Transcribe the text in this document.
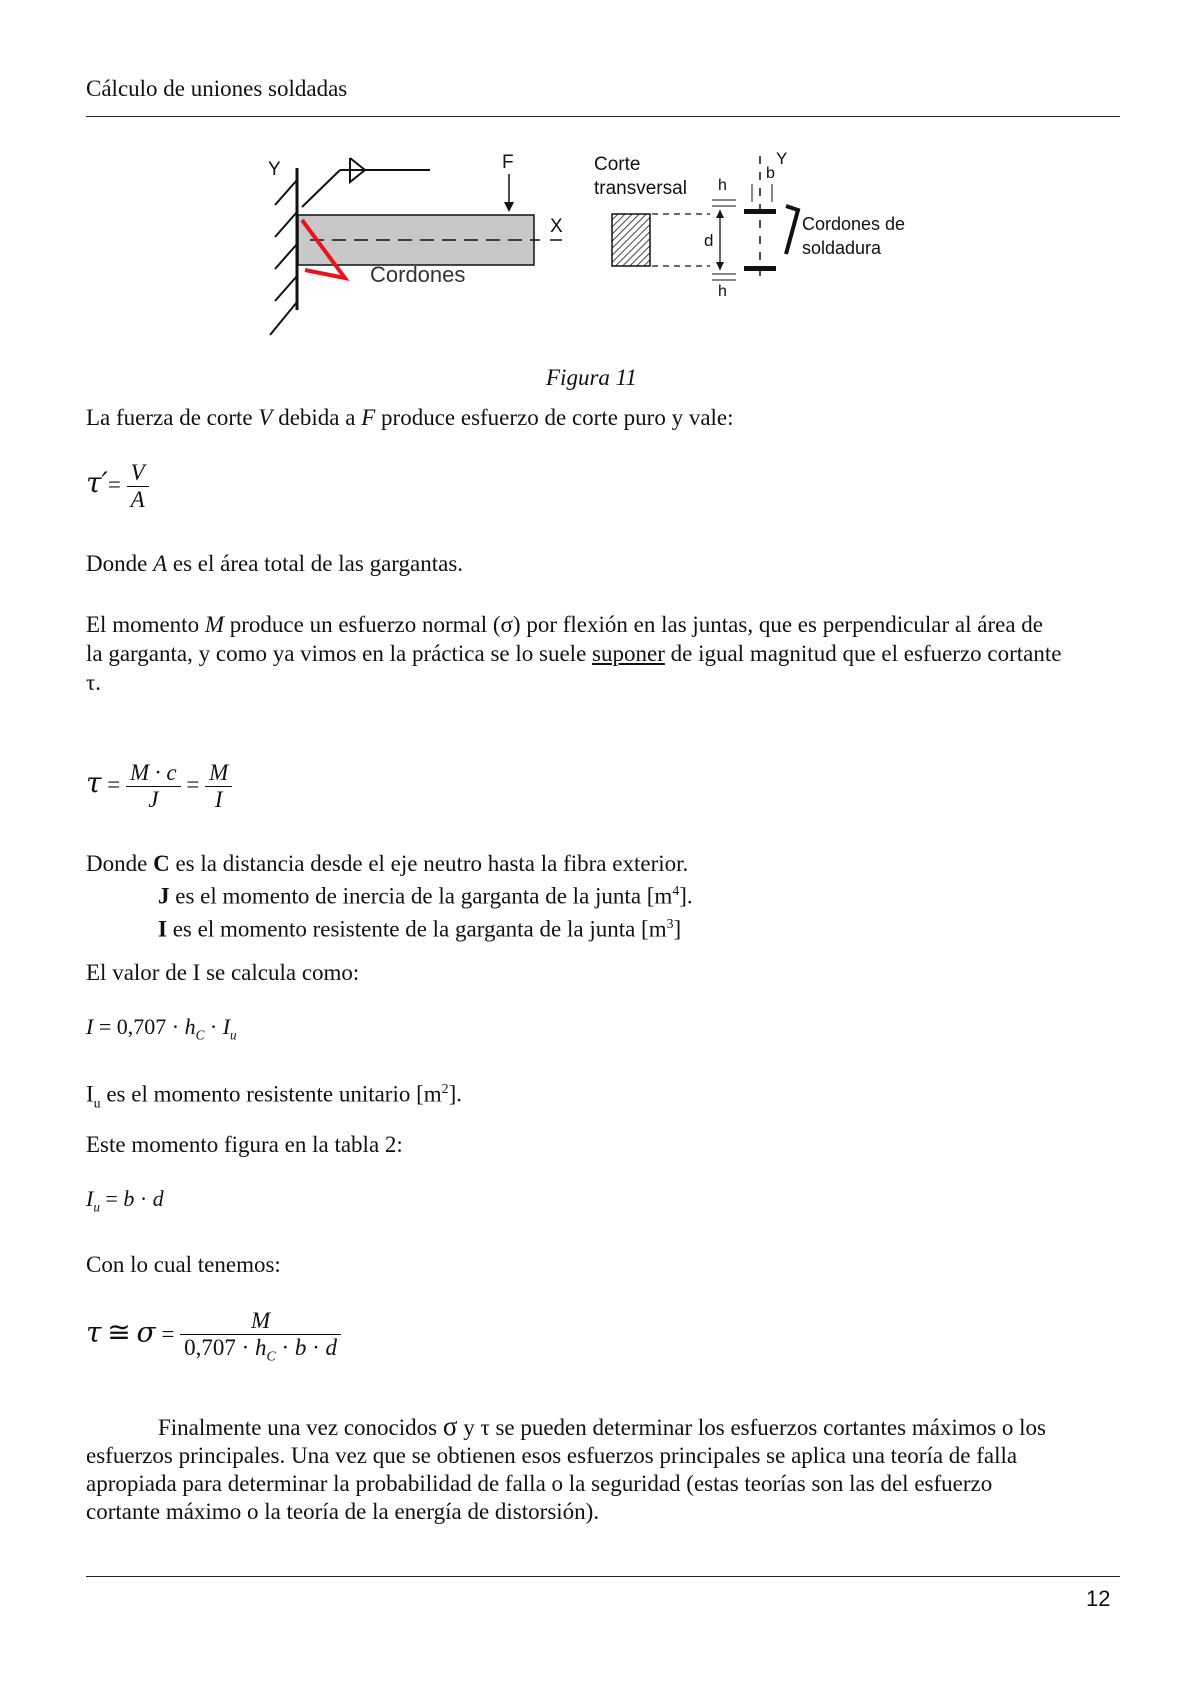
Cálculo de uniones soldadas
Y
X
F
Cordones
Corte
transversal
d
h
h
b
Y
Cordones de
soldadura
Figura 11
La fuerza de corte V debida a F produce esfuerzo de corte puro y vale:
$\tau'= \frac{V}{A}$
Donde A es el área total de las gargantas.
El momento M produce un esfuerzo normal (σ) por flexión en las juntas, que es perpendicular al área de
la garganta, y como ya vimos en la práctica se lo suele suponer de igual magnitud que el esfuerzo cortante
τ.
$\tau = \frac{M \cdot c}{J} = \frac{M}{I}$
Donde C es la distancia desde el eje neutro hasta la fibra exterior.
J es el momento de inercia de la garganta de la junta $[m^4]$.
I es el momento resistente de la garganta de la junta $[m^3]$
El valor de I se calcula como:
$I = 0,707 \cdot h_C \cdot I_u$
$I_u$ es el momento resistente unitario $[m^2]$.
Este momento figura en la tabla 2:
$I_u = b \cdot d$
Con lo cual tenemos:
τ ≅ $\sigma = \frac{M}{0,707 \cdot h_C \cdot b \cdot d}$
Finalmente una vez conocidos σ y τ se pueden determinar los esfuerzos cortantes máximos o los
esfuerzos principales. Una vez que se obtienen esos esfuerzos principales se aplica una teoría de falla
apropiada para determinar la probabilidad de falla o la seguridad (estas teorías son las del esfuerzo
cortante máximo o la teoría de la energía de distorsión).
12
